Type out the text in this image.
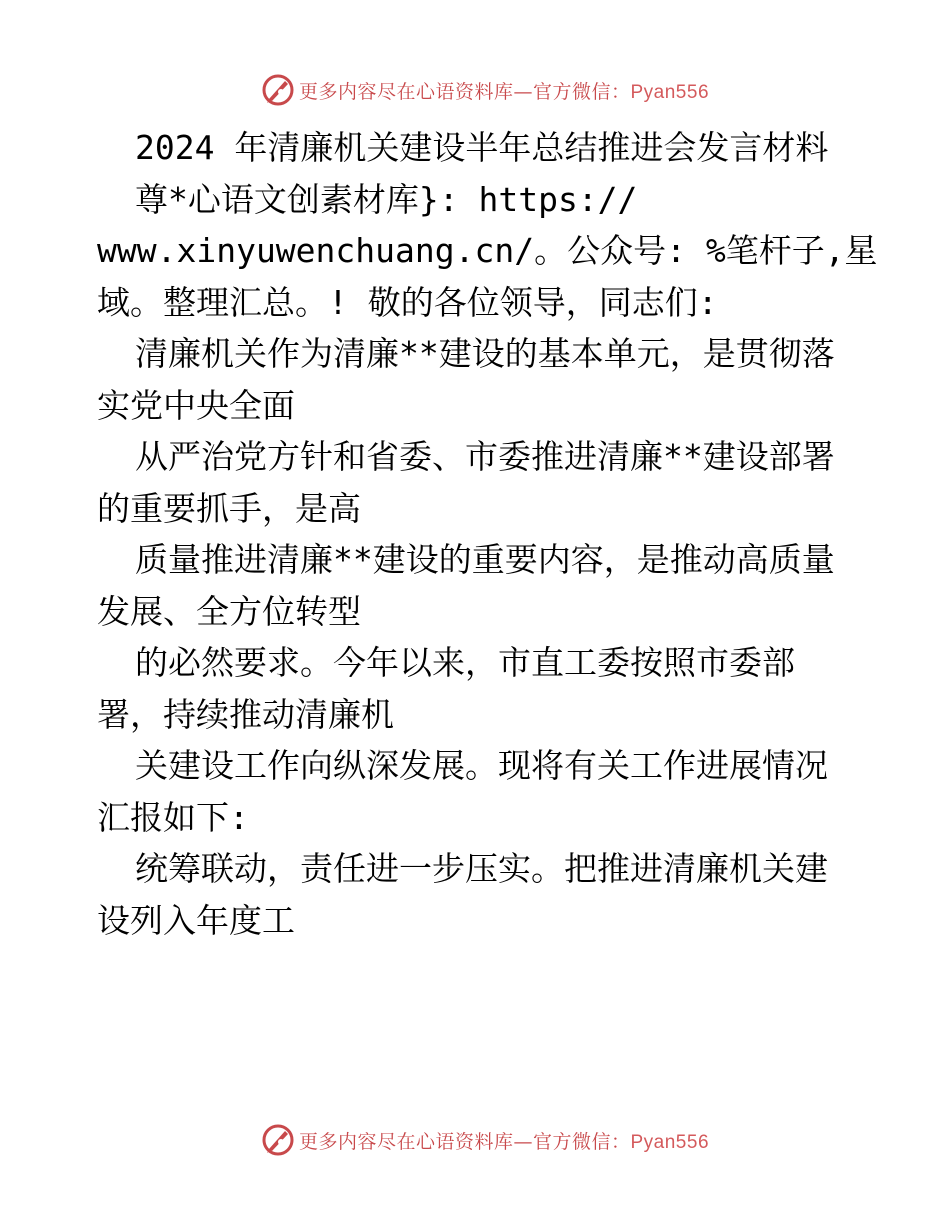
更多内容尽在心语资料库—官方微信：Pyan556
2024 年清廉机关建设半年总结推进会发言材料
尊*心语文创素材库}: https://
www.xinyuwenchuang.cn/。公众号: %笔杆子,星
域。整理汇总。! 敬的各位领导，同志们:
清廉机关作为清廉**建设的基本单元，是贯彻落
实党中央全面
从严治党方针和省委、市委推进清廉**建设部署
的重要抓手，是高
质量推进清廉**建设的重要内容，是推动高质量
发展、全方位转型
的必然要求。今年以来，市直工委按照市委部
署，持续推动清廉机
关建设工作向纵深发展。现将有关工作进展情况
汇报如下:
统筹联动，责任进一步压实。把推进清廉机关建
设列入年度工
更多内容尽在心语资料库—官方微信：Pyan556
